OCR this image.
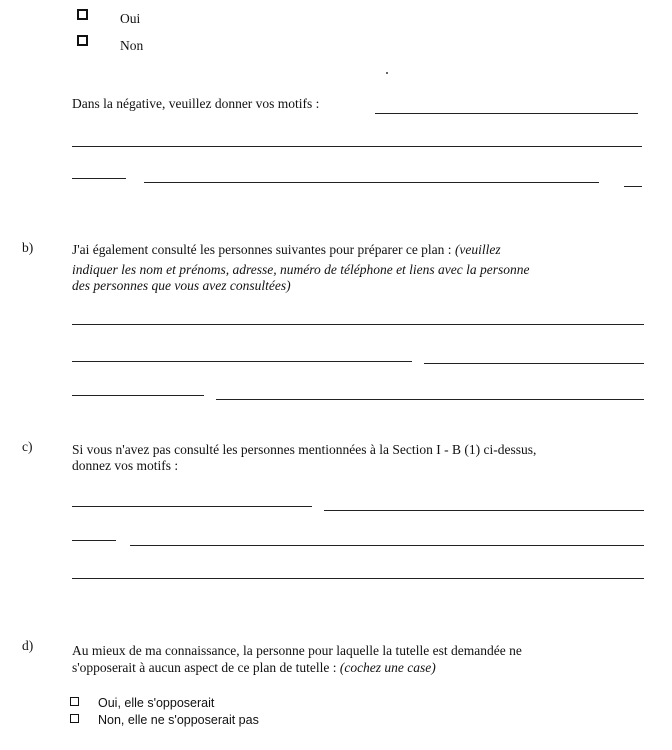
Oui
Non
Dans la négative, veuillez donner vos motifs :
b)	J'ai également consulté les personnes suivantes pour préparer ce plan : (veuillez
indiquer les nom et prénoms, adresse, numéro de téléphone et liens avec la personne
des personnes que vous avez consultées)
c)	Si vous n'avez pas consulté les personnes mentionnées à la Section I - B (1) ci-dessus,
donnez vos motifs :
d)	Au mieux de ma connaissance, la personne pour laquelle la tutelle est demandée ne
s'opposerait à aucun aspect de ce plan de tutelle : (cochez une case)
Oui, elle s'opposerait
Non, elle ne s'opposerait pas
